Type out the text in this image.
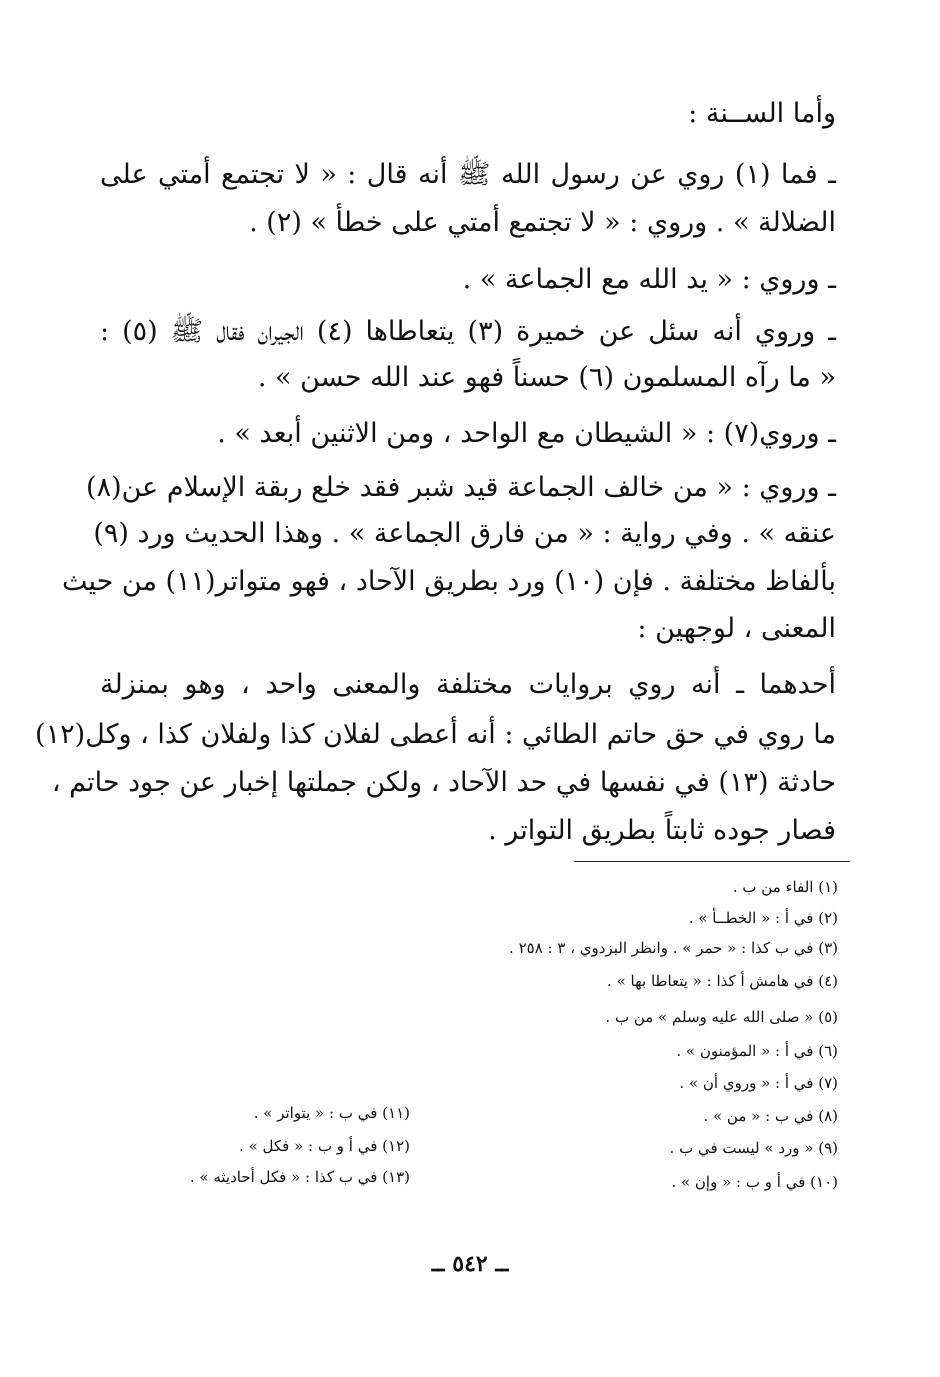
وأما الســنة :
ـ فما (١) روي عن رسول الله ﷺ أنه قال : « لا تجتمع أمتي على
الضلالة » . وروي : « لا تجتمع أمتي على خطأ » (٢) .
ـ وروي : « يد الله مع الجماعة » .
ـ وروي أنه سئل عن خميرة (٣) يتعاطاها (٤) الجيران فقال ﷺ (٥) :
« ما رآه المسلمون (٦) حسناً فهو عند الله حسن » .
ـ وروي(٧) : « الشيطان مع الواحد ، ومن الاثنين أبعد » .
ـ وروي : « من خالف الجماعة قيد شبر فقد خلع ربقة الإسلام عن(٨)
عنقه » . وفي رواية : « من فارق الجماعة » . وهذا الحديث ورد (٩)
بألفاظ مختلفة . فإن (١٠) ورد بطريق الآحاد ، فهو متواتر(١١) من حيث
المعنى ، لوجهين :
أحدهما ـ أنه روي بروايات مختلفة والمعنى واحد ، وهو بمنزلة
ما روي في حق حاتم الطائي : أنه أعطى لفلان كذا ولفلان كذا ، وكل(١٢)
حادثة (١٣) في نفسها في حد الآحاد ، ولكن جملتها إخبار عن جود حاتم ،
فصار جوده ثابتاً بطريق التواتر .
(١) الفاء من ب .
(٢) في أ : « الخطــأ » .
(٣) في ب كذا : « حمر » . وانظر البزدوي ، ٣ : ٢٥٨ .
(٤) في هامش أ كذا : « يتعاطا بها » .
(٥) « صلى الله عليه وسلم » من ب .
(٦) في أ : « المؤمنون » .
(٧) في أ : « وروي أن » .
(٨) في ب : « من » .
(٩) « ورد » ليست في ب .
(١٠) في أ و ب : « وإن » .
(١١) في ب : « يتواتر » .
(١٢) في أ و ب : « فكل » .
(١٣) في ب كذا : « فكل أحاديثه » .
ــ ٥٤٢ ــ
